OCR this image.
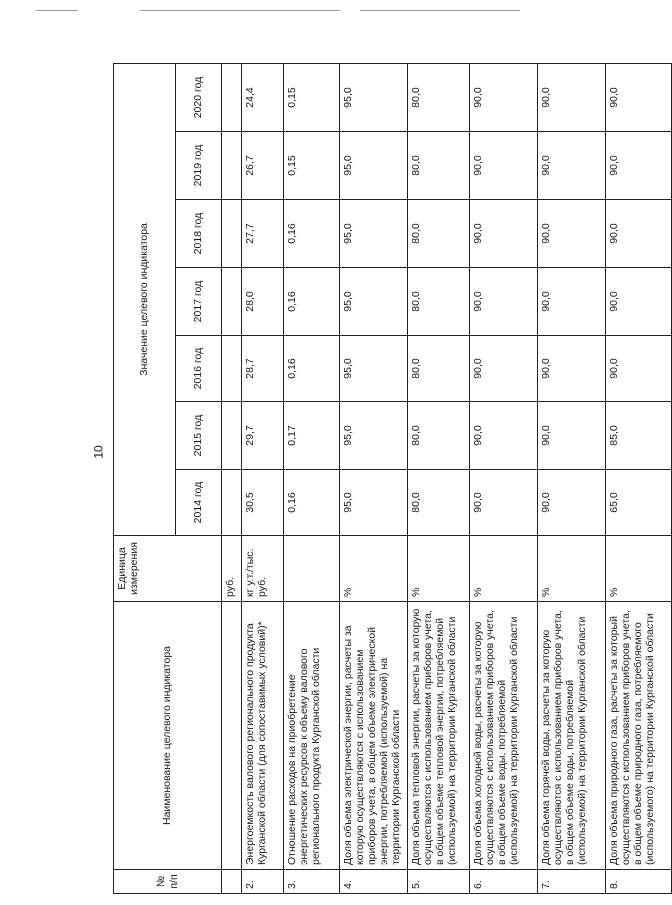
10
№ п/п	Наименование целевого индикатора	Единица измерения	Значение целевого индикатора						
			2014 год	2015 год	2016 год	2017 год	2018 год	2019 год	2020 год
		руб.							
2.	Энергоемкость валового регионального продукта Курганской области (для сопоставимых условий)*	кг у.т./тыс. руб.	30,5	29,7	28,7	28,0	27,7	26,7	24,4
3.	Отношение расходов на приобретение энергетических ресурсов к объему валового регионального продукта Курганской области		0,16	0,17	0,16	0,16	0,16	0,15	0,15
4.	Доля объема электрической энергии, расчеты за которую осуществляются с использованием приборов учета, в общем объеме электрической энергии, потребляемой (используемой) на территории Курганской области	%	95,0	95,0	95,0	95,0	95,0	95,0	95,0
5.	Доля объема тепловой энергии, расчеты за которую осуществляются с использованием приборов учета, в общем объеме тепловой энергии, потребляемой (используемой) на территории Курганской области	%	80,0	80,0	80,0	80,0	80,0	80,0	80,0
6.	Доля объема холодной воды, расчеты за которую осуществляются с использованием приборов учета, в общем объеме воды, потребляемой (используемой) на территории Курганской области	%	90,0	90,0	90,0	90,0	90,0	90,0	90,0
7.	Доля объема горячей воды, расчеты за которую осуществляются с использованием приборов учета, в общем объеме воды, потребляемой (используемой) на территории Курганской области	%	90,0	90,0	90,0	90,0	90,0	90,0	90,0
8.	Доля объема природного газа, расчеты за который осуществляются с использованием приборов учета, в общем объеме природного газа, потребляемого (используемого) на территории Курганской области	%	65,0	85,0	90,0	90,0	90,0	90,0	90,0
